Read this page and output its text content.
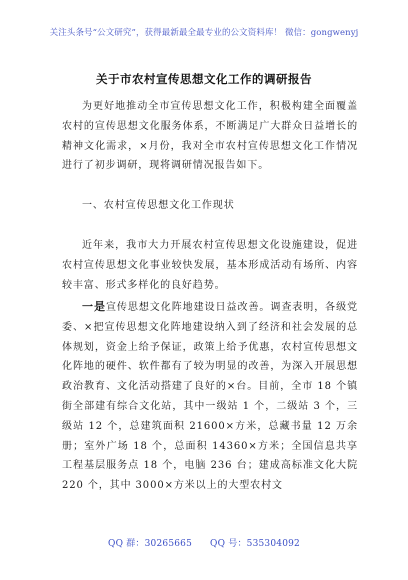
关注头条号“公文研究”，获得最新最全最专业的公文资料库！ 微信：gongwenyj
关于市农村宣传思想文化工作的调研报告

为更好地推动全市宣传思想文化工作，积极构建全面覆盖农村的宣传思想文化服务体系，不断满足广大群众日益增长的精神文化需求，×月份，我对全市农村宣传思想文化工作情况进行了初步调研，现将调研情况报告如下。

一、农村宣传思想文化工作现状

近年来，我市大力开展农村宣传思想文化设施建设，促进农村宣传思想文化事业较快发展，基本形成活动有场所、内容较丰富、形式多样化的良好趋势。

一是宣传思想文化阵地建设日益改善。调查表明，各级党委、×把宣传思想文化阵地建设纳入到了经济和社会发展的总体规划，资金上给予保证，政策上给予优惠，农村宣传思想文化阵地的硬件、软件都有了较为明显的改善，为深入开展思想政治教育、文化活动搭建了良好的×台。目前，全市 18 个镇街全部建有综合文化站，其中一级站 1 个，二级站 3 个，三级站 12 个，总建筑面积 21600×方米，总藏书量 12 万余册；室外广场 18 个，总面积 14360×方米；全国信息共享工程基层服务点 18 个，电脑 236 台；建成高标准文化大院 220 个，其中 3000×方米以上的大型农村文

QQ 群：30265665 QQ 号：535304092
